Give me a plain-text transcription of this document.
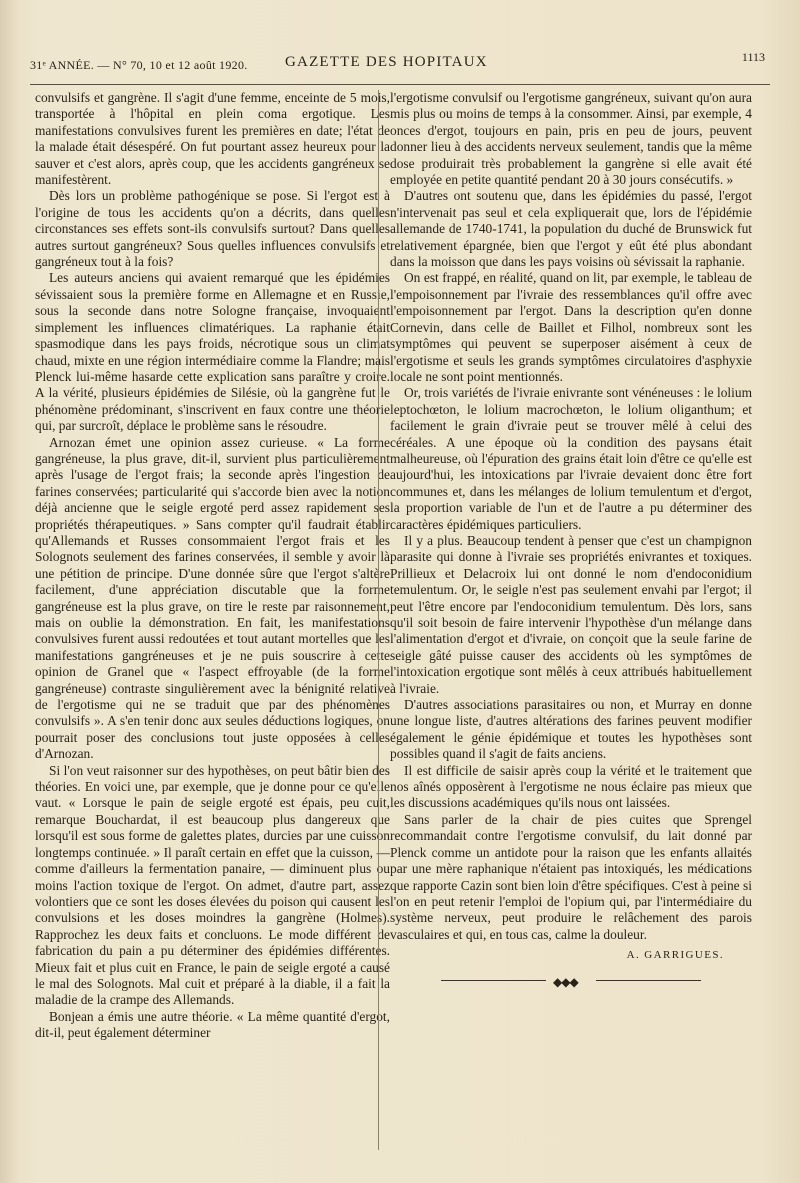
31ᵉ ANNÉE. — N° 70, 10 et 12 août 1920. GAZETTE DES HOPITAUX	1113

convulsifs et gangrène. Il s'agit d'une femme, enceinte de 5 mois, transportée à l'hôpital en plein coma ergotique. Les manifestations convulsives furent les premières en date; l'état de la malade était désespéré. On fut pourtant assez heureux pour la sauver et c'est alors, après coup, que les accidents gangréneux se manifestèrent.

Dès lors un problème pathogénique se pose. Si l'ergot est à l'origine de tous les accidents qu'on a décrits, dans quelles circonstances ses effets sont-ils convulsifs surtout? Dans quelles autres surtout gangréneux? Sous quelles influences convulsifs et gangréneux tout à la fois?

Les auteurs anciens qui avaient remarqué que les épidémies sévissaient sous la première forme en Allemagne et en Russie, sous la seconde dans notre Sologne française, invoquaient simplement les influences climatériques. La raphanie était spasmodique dans les pays froids, nécrotique sous un climat chaud, mixte en une région intermédiaire comme la Flandre; mais Plenck lui-même hasarde cette explication sans paraître y croire. A la vérité, plusieurs épidémies de Silésie, où la gangrène fut le phénomène prédominant, s'inscrivent en faux contre une théorie qui, par surcroît, déplace le problème sans le résoudre.

Arnozan émet une opinion assez curieuse. « La forme gangréneuse, la plus grave, dit-il, survient plus particulièrement après l'usage de l'ergot frais; la seconde après l'ingestion de farines conservées; particularité qui s'accorde bien avec la notion déjà ancienne que le seigle ergoté perd assez rapidement ses propriétés thérapeutiques. » Sans compter qu'il faudrait établir qu'Allemands et Russes consommaient l'ergot frais et les Solognots seulement des farines conservées, il semble y avoir là une pétition de principe. D'une donnée sûre que l'ergot s'altère facilement, d'une appréciation discutable que la forme gangréneuse est la plus grave, on tire le reste par raisonnement, mais on oublie la démonstration. En fait, les manifestations convulsives furent aussi redoutées et tout autant mortelles que les manifestations gangréneuses et je ne puis souscrire à cette opinion de Granel que « l'aspect effroyable (de la forme gangréneuse) contraste singulièrement avec la bénignité relative de l'ergotisme qui ne se traduit que par des phénomènes convulsifs ». A s'en tenir donc aux seules déductions logiques, on pourrait poser des conclusions tout juste opposées à celles d'Arnozan.

Si l'on veut raisonner sur des hypothèses, on peut bâtir bien des théories. En voici une, par exemple, que je donne pour ce qu'elle vaut. « Lorsque le pain de seigle ergoté est épais, peu cuit, remarque Bouchardat, il est beaucoup plus dangereux que lorsqu'il est sous forme de galettes plates, durcies par une cuisson longtemps continuée. » Il paraît certain en effet que la cuisson, — comme d'ailleurs la fermentation panaire, — diminuent plus ou moins l'action toxique de l'ergot. On admet, d'autre part, assez volontiers que ce sont les doses élevées du poison qui causent les convulsions et les doses moindres la gangrène (Holmes). Rapprochez les deux faits et concluons. Le mode différent de fabrication du pain a pu déterminer des épidémies différentes. Mieux fait et plus cuit en France, le pain de seigle ergoté a causé le mal des Solognots. Mal cuit et préparé à la diable, il a fait la maladie de la crampe des Allemands.

Bonjean a émis une autre théorie. « La même quantité d'ergot, dit-il, peut également déterminer

l'ergotisme convulsif ou l'ergotisme gangréneux, suivant qu'on aura mis plus ou moins de temps à la consommer. Ainsi, par exemple, 4 onces d'ergot, toujours en pain, pris en peu de jours, peuvent donner lieu à des accidents nerveux seulement, tandis que la même dose produirait très probablement la gangrène si elle avait été employée en petite quantité pendant 20 à 30 jours consécutifs. »

D'autres ont soutenu que, dans les épidémies du passé, l'ergot n'intervenait pas seul et cela expliquerait que, lors de l'épidémie allemande de 1740-1741, la population du duché de Brunswick fut relativement épargnée, bien que l'ergot y eût été plus abondant dans la moisson que dans les pays voisins où sévissait la raphanie.

On est frappé, en réalité, quand on lit, par exemple, le tableau de l'empoisonnement par l'ivraie des ressemblances qu'il offre avec l'empoisonnement par l'ergot. Dans la description qu'en donne Cornevin, dans celle de Baillet et Filhol, nombreux sont les symptômes qui peuvent se superposer aisément à ceux de l'ergotisme et seuls les grands symptômes circulatoires d'asphyxie locale ne sont point mentionnés.

Or, trois variétés de l'ivraie enivrante sont vénéneuses : le lolium leptochœton, le lolium macrochœton, le lolium oliganthum; et facilement le grain d'ivraie peut se trouver mêlé à celui des céréales. A une époque où la condition des paysans était malheureuse, où l'épuration des grains était loin d'être ce qu'elle est aujourd'hui, les intoxications par l'ivraie devaient donc être fort communes et, dans les mélanges de lolium temulentum et d'ergot, la proportion variable de l'un et de l'autre a pu déterminer des caractères épidémiques particuliers.

Il y a plus. Beaucoup tendent à penser que c'est un champignon parasite qui donne à l'ivraie ses propriétés enivrantes et toxiques. Prillieux et Delacroix lui ont donné le nom d'endoconidium temulentum. Or, le seigle n'est pas seulement envahi par l'ergot; il peut l'être encore par l'endoconidium temulentum. Dès lors, sans qu'il soit besoin de faire intervenir l'hypothèse d'un mélange dans l'alimentation d'ergot et d'ivraie, on conçoit que la seule farine de seigle gâté puisse causer des accidents où les symptômes de l'intoxication ergotique sont mêlés à ceux attribués habituellement à l'ivraie.

D'autres associations parasitaires ou non, et Murray en donne une longue liste, d'autres altérations des farines peuvent modifier également le génie épidémique et toutes les hypothèses sont possibles quand il s'agit de faits anciens.

Il est difficile de saisir après coup la vérité et le traitement que nos aînés opposèrent à l'ergotisme ne nous éclaire pas mieux que les discussions académiques qu'ils nous ont laissées.

Sans parler de la chair de pies cuites que Sprengel recommandait contre l'ergotisme convulsif, du lait donné par Plenck comme un antidote pour la raison que les enfants allaités par une mère raphanique n'étaient pas intoxiqués, les médications que rapporte Cazin sont bien loin d'être spécifiques. C'est à peine si l'on en peut retenir l'emploi de l'opium qui, par l'intermédiaire du système nerveux, peut produire le relâchement des parois vasculaires et qui, en tous cas, calme la douleur.

A. GARRIGUES.
◆◆◆
